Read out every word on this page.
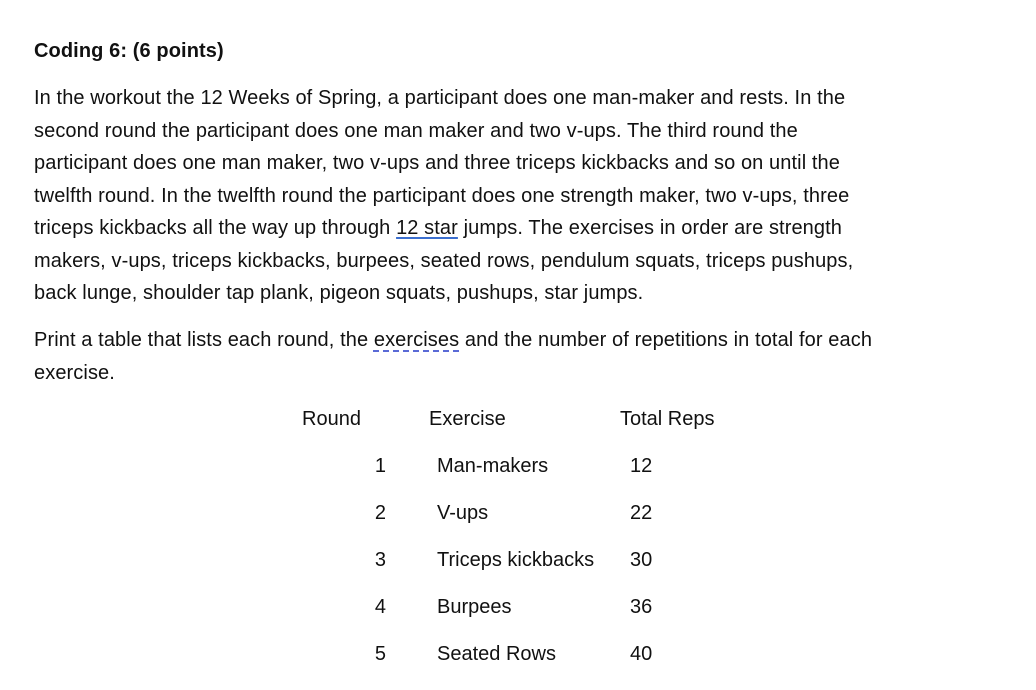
Coding 6: (6 points)
In the workout the 12 Weeks of Spring, a participant does one man-maker and rests. In the
second round the participant does one man maker and two v-ups. The third round the
participant does one man maker, two v-ups and three triceps kickbacks and so on until the
twelfth round. In the twelfth round the participant does one strength maker, two v-ups, three
triceps kickbacks all the way up through 12 star jumps. The exercises in order are strength
makers, v-ups, triceps kickbacks, burpees, seated rows, pendulum squats, triceps pushups,
back lunge, shoulder tap plank, pigeon squats, pushups, star jumps.
Print a table that lists each round, the exercises and the number of repetitions in total for each
exercise.
Round	Exercise	Total Reps
1	Man-makers	12
2	V-ups	22
3	Triceps kickbacks 30
4	Burpees	36
5	Seated Rows	40
